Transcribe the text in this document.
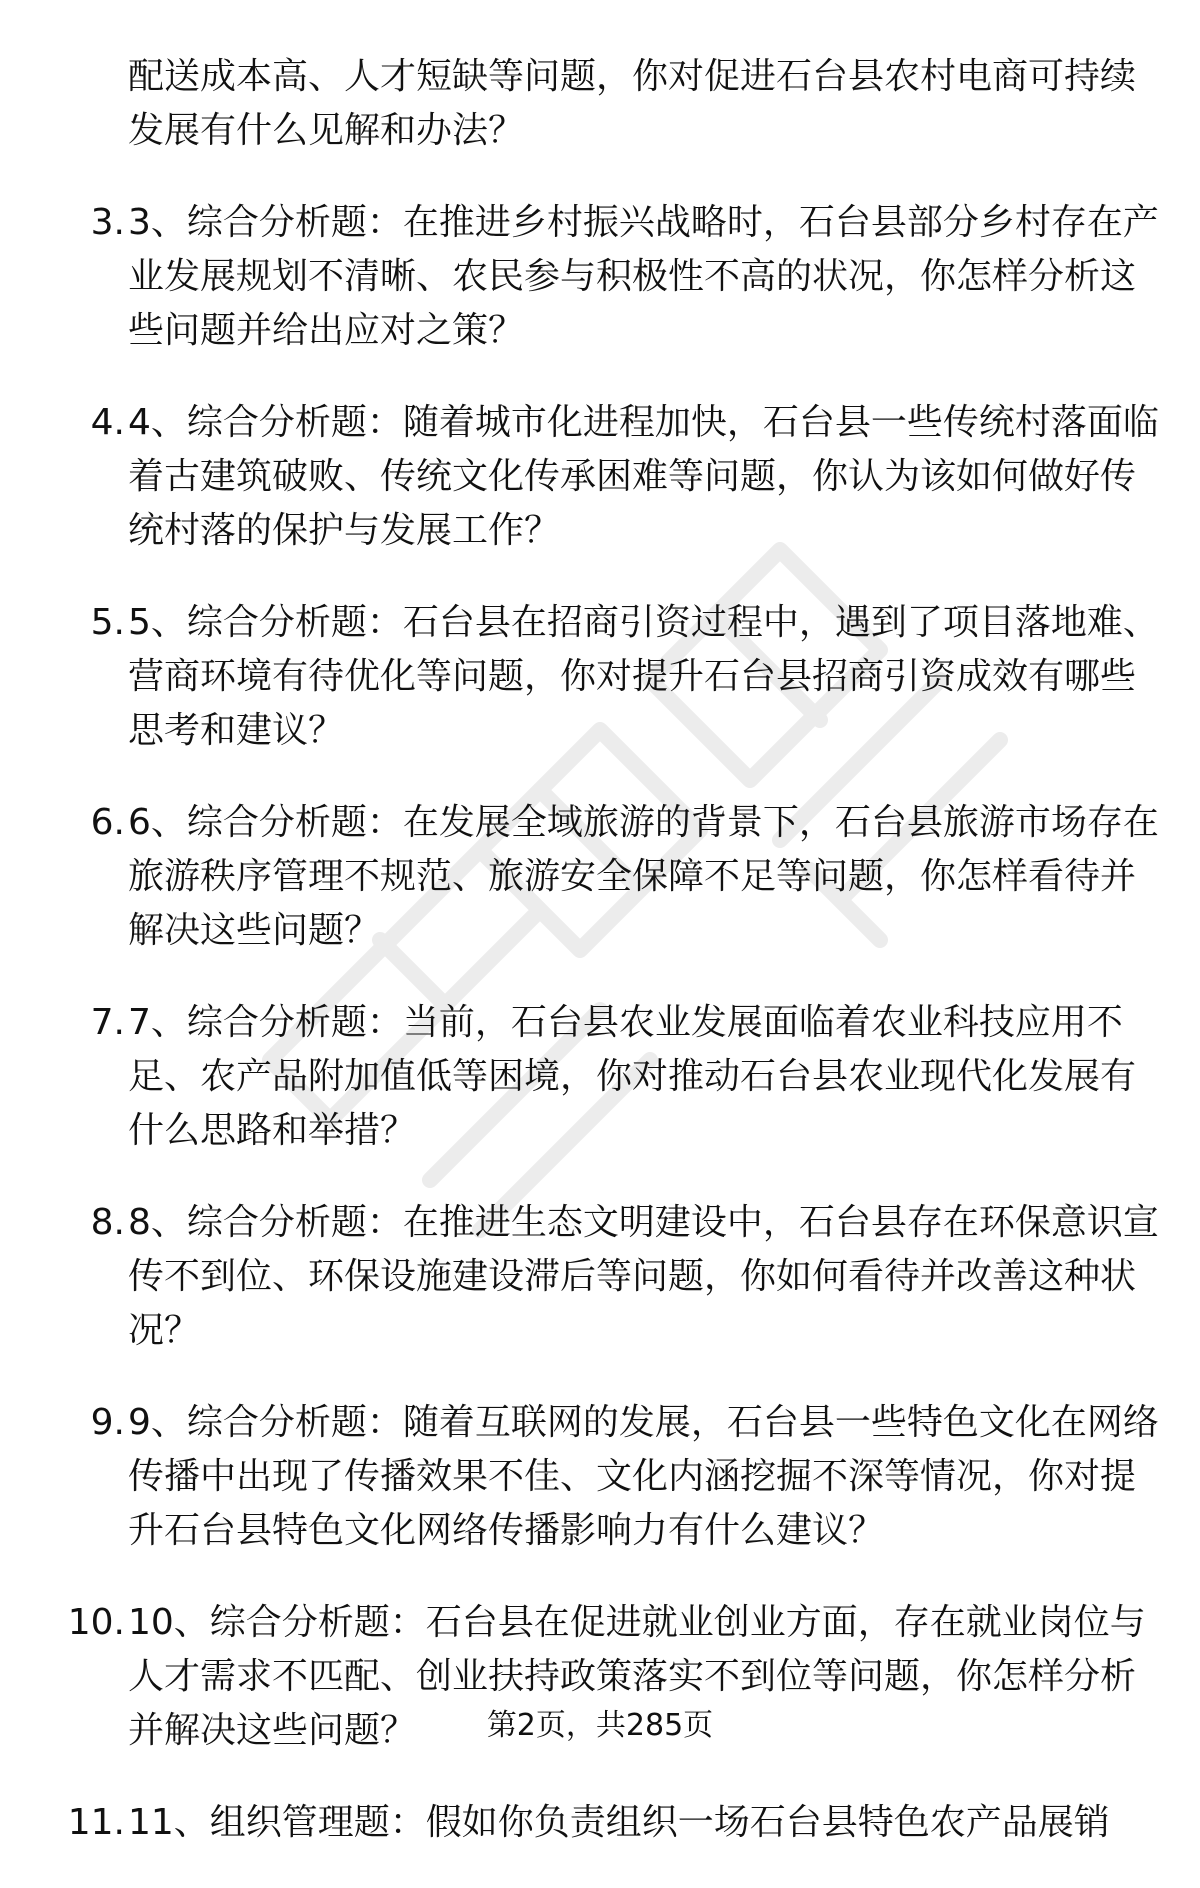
配送成本高、人才短缺等问题，你对促进石台县农村电商可持续
发展有什么见解和办法？
3. 3、综合分析题：在推进乡村振兴战略时，石台县部分乡村存在产
业发展规划不清晰、农民参与积极性不高的状况，你怎样分析这
些问题并给出应对之策？
4. 4、综合分析题：随着城市化进程加快，石台县一些传统村落面临
着古建筑破败、传统文化传承困难等问题，你认为该如何做好传
统村落的保护与发展工作？
5. 5、综合分析题：石台县在招商引资过程中，遇到了项目落地难、
营商环境有待优化等问题，你对提升石台县招商引资成效有哪些
思考和建议？
6. 6、综合分析题：在发展全域旅游的背景下，石台县旅游市场存在
旅游秩序管理不规范、旅游安全保障不足等问题，你怎样看待并
解决这些问题？
7. 7、综合分析题：当前，石台县农业发展面临着农业科技应用不
足、农产品附加值低等困境，你对推动石台县农业现代化发展有
什么思路和举措？
8. 8、综合分析题：在推进生态文明建设中，石台县存在环保意识宣
传不到位、环保设施建设滞后等问题，你如何看待并改善这种状
况？
9. 9、综合分析题：随着互联网的发展，石台县一些特色文化在网络
传播中出现了传播效果不佳、文化内涵挖掘不深等情况，你对提
升石台县特色文化网络传播影响力有什么建议？
10. 10、综合分析题：石台县在促进就业创业方面，存在就业岗位与
人才需求不匹配、创业扶持政策落实不到位等问题，你怎样分析
并解决这些问题？
11. 11、组织管理题：假如你负责组织一场石台县特色农产品展销
第2页，共285页
